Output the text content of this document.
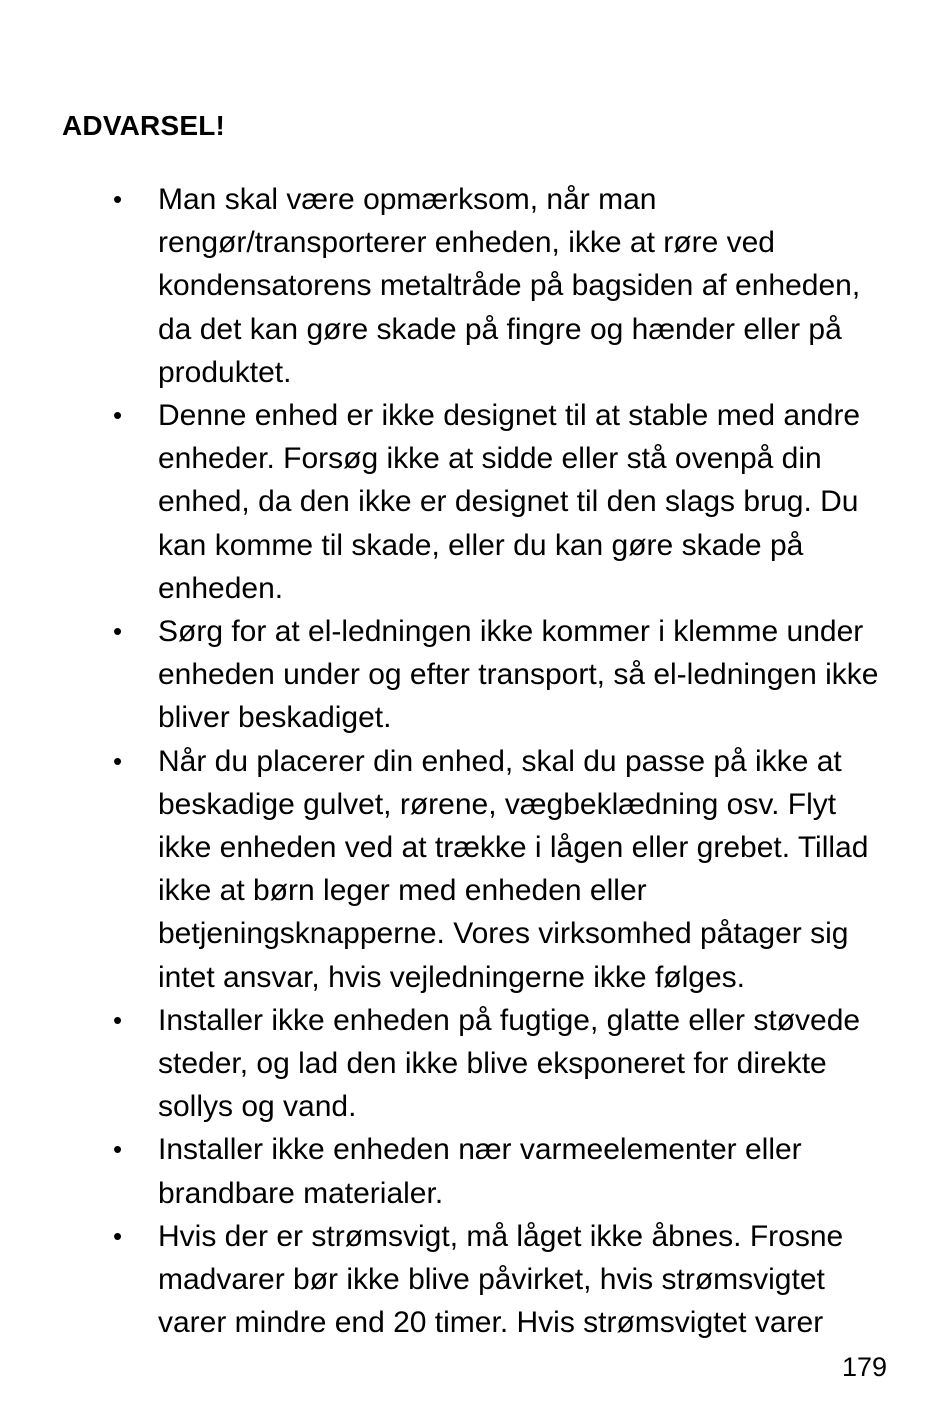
ADVARSEL!
•	Man skal være opmærksom, når man rengør/transporterer enheden, ikke at røre ved kondensatorens metaltråde på bagsiden af enheden, da det kan gøre skade på fingre og hænder eller på produktet.
•	Denne enhed er ikke designet til at stable med andre enheder. Forsøg ikke at sidde eller stå ovenpå din enhed, da den ikke er designet til den slags brug. Du kan komme til skade, eller du kan gøre skade på enheden.
•	Sørg for at el-ledningen ikke kommer i klemme under enheden under og efter transport, så el-ledningen ikke bliver beskadiget.
•	Når du placerer din enhed, skal du passe på ikke at beskadige gulvet, rørene, vægbeklædning osv. Flyt ikke enheden ved at trække i lågen eller grebet. Tillad ikke at børn leger med enheden eller betjeningsknapperne. Vores virksomhed påtager sig intet ansvar, hvis vejledningerne ikke følges.
•	Installer ikke enheden på fugtige, glatte eller støvede steder, og lad den ikke blive eksponeret for direkte sollys og vand.
•	Installer ikke enheden nær varmeelementer eller brandbare materialer.
•	Hvis der er strømsvigt, må låget ikke åbnes. Frosne madvarer bør ikke blive påvirket, hvis strømsvigtet varer mindre end 20 timer. Hvis strømsvigtet varer
179
